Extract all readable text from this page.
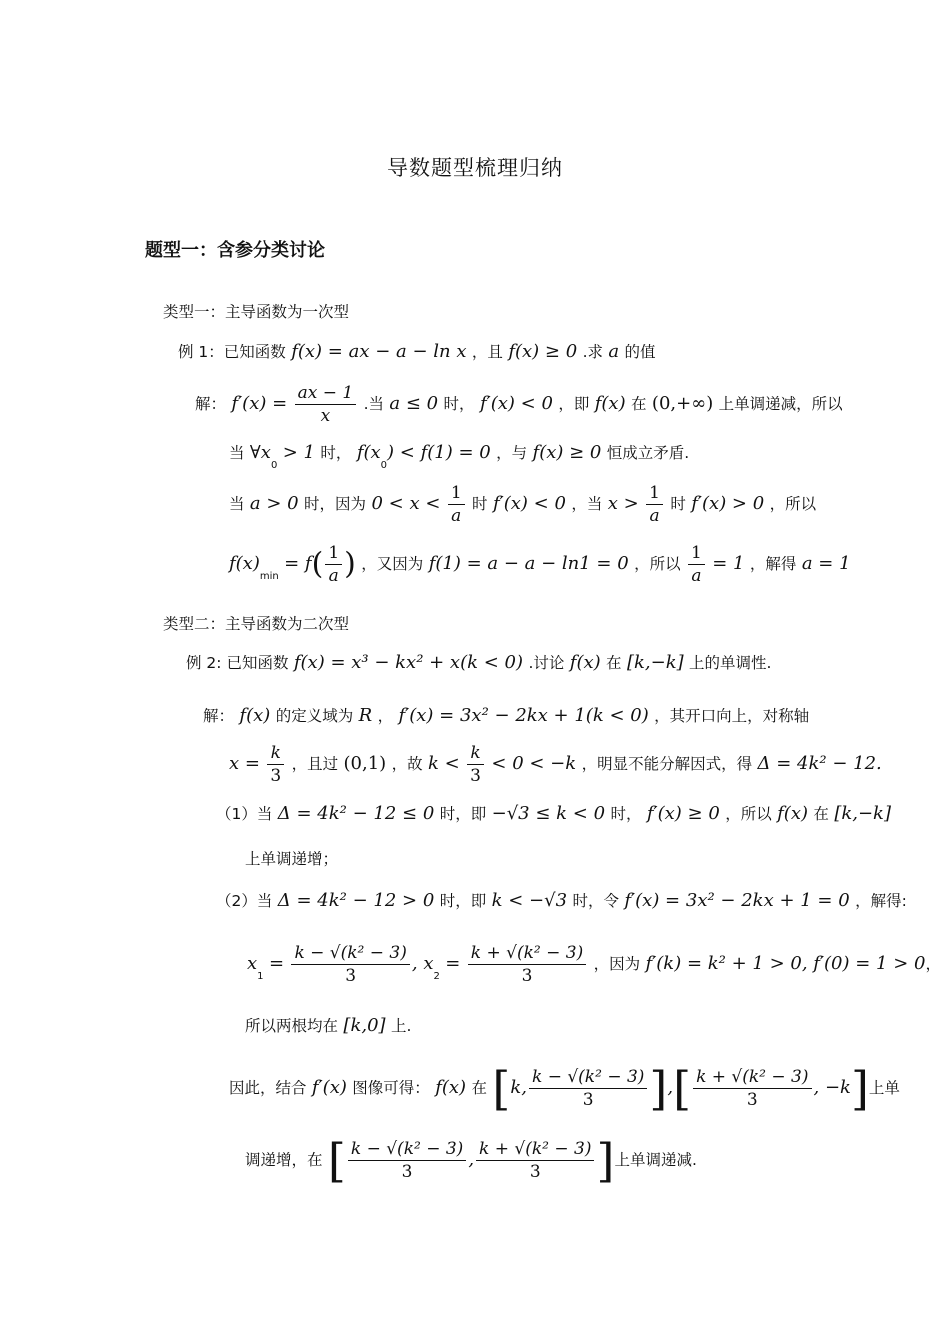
导数题型梳理归纳
题型一：含参分类讨论
类型一：主导函数为一次型
例 1：已知函数 f(x) = ax − a − ln x ，且 f(x) ≥ 0 .求 a 的值
解： $f'(x) = \frac{ax - 1}{x}$ .当 a ≤ 0 时， f′(x) < 0 ，即 f(x) 在 (0,+∞) 上单调递减，所以
当 $\forall x_0 > 1$ 时， $f(x_0) < f(1) = 0$ ，与 f(x) ≥ 0 恒成立矛盾.
当 a > 0 时，因为 $0 < x < \frac{1}{a}$ 时 f′(x) < 0 ，当 $x > \frac{1}{a}$ 时 f′(x) > 0 ，所以
$f(x)_{min} = f( \frac{1}{a}$ ) ，又因为 f(1) = a − a − ln1 = 0 ，所以 $\frac{1}{a} = 1$ ，解得 a = 1
类型二：主导函数为二次型
例 2: 已知函数 f(x) = x³ − kx² + x(k < 0) .讨论 f(x) 在 [k,−k] 上的单调性.
解： f(x) 的定义域为 R ， f′(x) = 3x² − 2kx + 1(k < 0) ，其开口向上，对称轴
$x = \frac{k}{3}$ ，且过 (0,1) ，故 $k < \frac{k}{3} < 0 < -k$ ，明显不能分解因式，得 Δ = 4k² − 12.
（1）当 Δ = 4k² − 12 ≤ 0 时，即 −√3 ≤ k < 0 时， f′(x) ≥ 0 ，所以 f(x) 在 [k,−k]
上单调递增；
（2）当 Δ = 4k² − 12 > 0 时，即 k < −√3 时，令 f′(x) = 3x² − 2kx + 1 = 0 ，解得:
$x_1 = \frac{\text{k − √(k² − 3)}}{3}$ , $x_2 = \frac{\text{k + √(k² − 3)}}{3}$ ，因为 f′(k) = k² + 1 > 0, f′(0) = 1 > 0，
所以两根均在 [k,0] 上.
因此，结合 f′(x) 图像可得： f(x) 在 [k, $\frac{\text{k − √(k² − 3)}}{3}$ ],[ $\frac{\text{k + √(k² − 3)}}{3}$ , −k]上单
调递增，在 [ $\frac{\text{k − √(k² − 3)}}{3}$ , $\frac{\text{k + √(k² − 3)}}{3}$ ]上单调递减.
